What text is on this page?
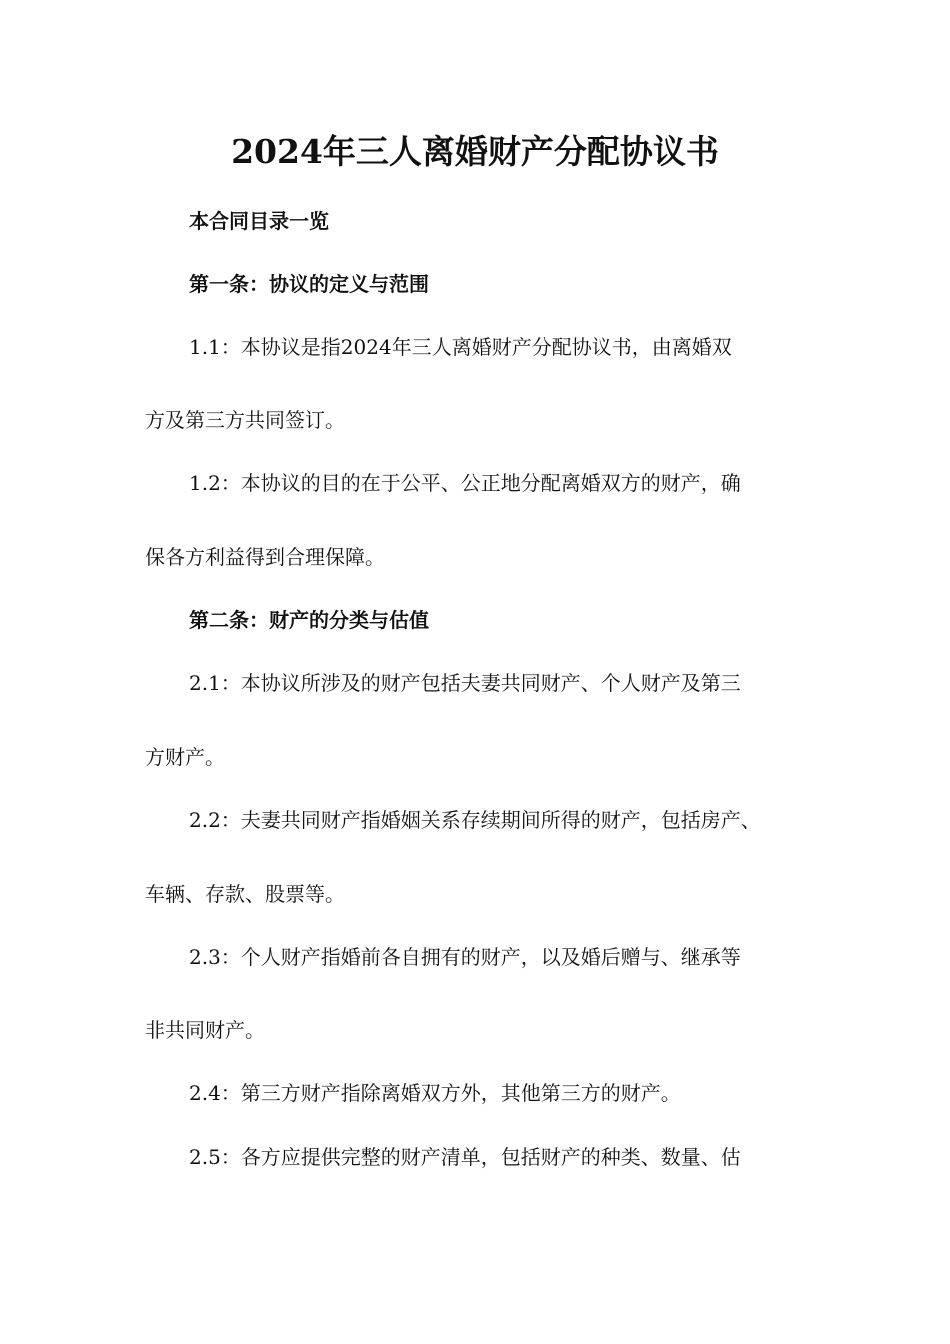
2024年三人离婚财产分配协议书
本合同目录一览
第一条：协议的定义与范围
1.1：本协议是指2024年三人离婚财产分配协议书，由离婚双
方及第三方共同签订。
1.2：本协议的目的在于公平、公正地分配离婚双方的财产，确
保各方利益得到合理保障。
第二条：财产的分类与估值
2.1：本协议所涉及的财产包括夫妻共同财产、个人财产及第三
方财产。
2.2：夫妻共同财产指婚姻关系存续期间所得的财产，包括房产、
车辆、存款、股票等。
2.3：个人财产指婚前各自拥有的财产，以及婚后赠与、继承等
非共同财产。
2.4：第三方财产指除离婚双方外，其他第三方的财产。
2.5：各方应提供完整的财产清单，包括财产的种类、数量、估
